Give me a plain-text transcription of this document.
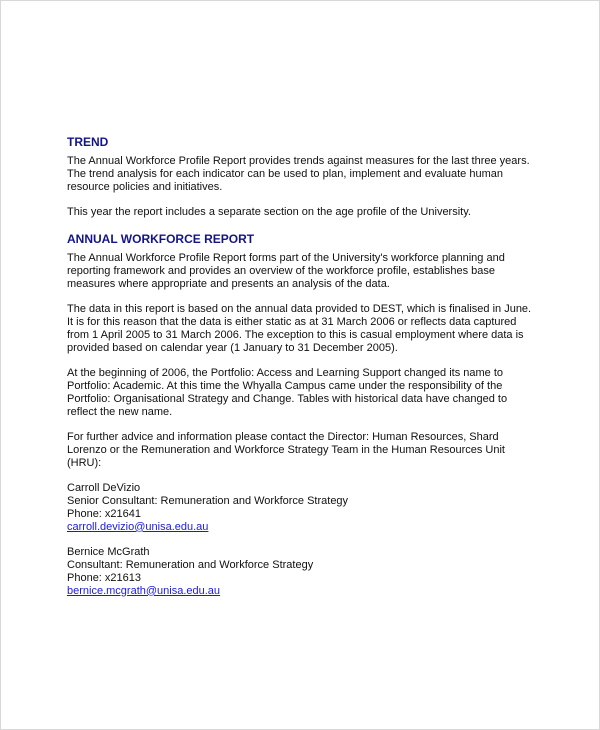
TREND
The Annual Workforce Profile Report provides trends against measures for the last three years.
The trend analysis for each indicator can be used to plan, implement and evaluate human
resource policies and initiatives.
This year the report includes a separate section on the age profile of the University.
ANNUAL WORKFORCE REPORT
The Annual Workforce Profile Report forms part of the University's workforce planning and
reporting framework and provides an overview of the workforce profile, establishes base
measures where appropriate and presents an analysis of the data.
The data in this report is based on the annual data provided to DEST, which is finalised in June.
It is for this reason that the data is either static as at 31 March 2006 or reflects data captured
from 1 April 2005 to 31 March 2006. The exception to this is casual employment where data is
provided based on calendar year (1 January to 31 December 2005).
At the beginning of 2006, the Portfolio: Access and Learning Support changed its name to
Portfolio: Academic. At this time the Whyalla Campus came under the responsibility of the
Portfolio: Organisational Strategy and Change. Tables with historical data have changed to
reflect the new name.
For further advice and information please contact the Director: Human Resources, Shard
Lorenzo or the Remuneration and Workforce Strategy Team in the Human Resources Unit
(HRU):
Carroll DeVizio
Senior Consultant: Remuneration and Workforce Strategy
Phone: x21641
carroll.devizio@unisa.edu.au
Bernice McGrath
Consultant: Remuneration and Workforce Strategy
Phone: x21613
bernice.mcgrath@unisa.edu.au
